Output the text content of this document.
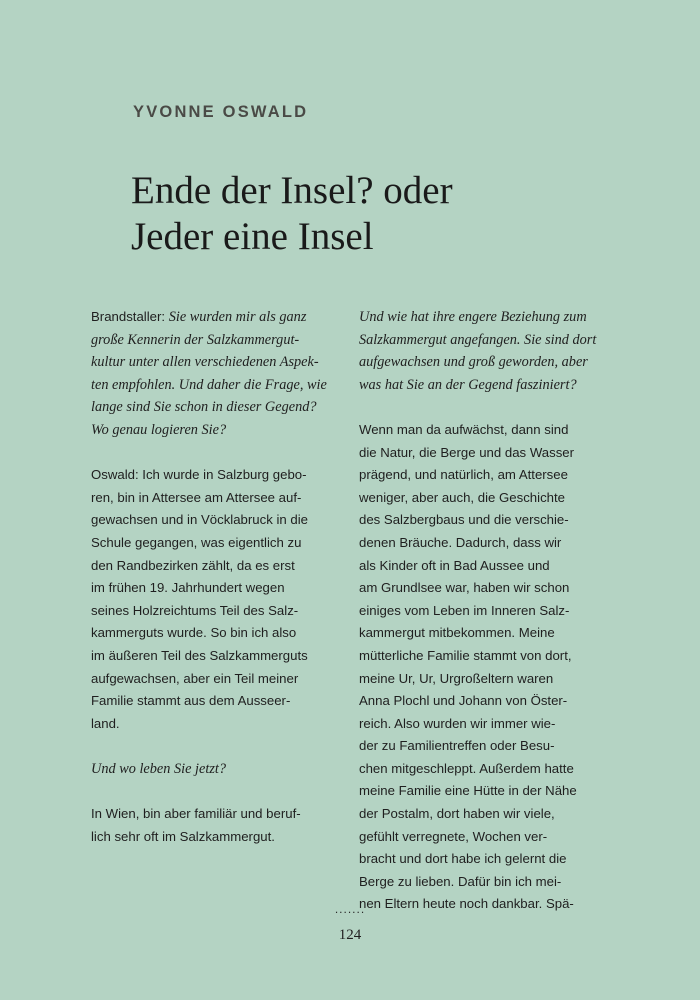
YVONNE OSWALD
Ende der Insel? oder
Jeder eine Insel
Brandstaller: Sie wurden mir als ganz
große Kennerin der Salzkammergut-
kultur unter allen verschiedenen Aspek-
ten empfohlen. Und daher die Frage, wie
lange sind Sie schon in dieser Gegend?
Wo genau logieren Sie?
Oswald: Ich wurde in Salzburg gebo-
ren, bin in Attersee am Attersee auf-
gewachsen und in Vöcklabruck in die
Schule gegangen, was eigentlich zu
den Randbezirken zählt, da es erst
im frühen 19. Jahrhundert wegen
seines Holzreichtums Teil des Salz-
kammerguts wurde. So bin ich also
im äußeren Teil des Salzkammerguts
aufgewachsen, aber ein Teil meiner
Familie stammt aus dem Ausseer-
land.
Und wo leben Sie jetzt?
In Wien, bin aber familiär und beruf-
lich sehr oft im Salzkammergut.
Und wie hat ihre engere Beziehung zum
Salzkammergut angefangen. Sie sind dort
aufgewachsen und groß geworden, aber
was hat Sie an der Gegend fasziniert?
Wenn man da aufwächst, dann sind
die Natur, die Berge und das Wasser
prägend, und natürlich, am Attersee
weniger, aber auch, die Geschichte
des Salzbergbaus und die verschie-
denen Bräuche. Dadurch, dass wir
als Kinder oft in Bad Aussee und
am Grundlsee war, haben wir schon
einiges vom Leben im Inneren Salz-
kammergut mitbekommen. Meine
mütterliche Familie stammt von dort,
meine Ur, Ur, Urgroßeltern waren
Anna Plochl und Johann von Öster-
reich. Also wurden wir immer wie-
der zu Familientreffen oder Besu-
chen mitgeschleppt. Außerdem hatte
meine Familie eine Hütte in der Nähe
der Postalm, dort haben wir viele,
gefühlt verregnete, Wochen ver-
bracht und dort habe ich gelernt die
Berge zu lieben. Dafür bin ich mei-
nen Eltern heute noch dankbar. Spä-
.......
124
